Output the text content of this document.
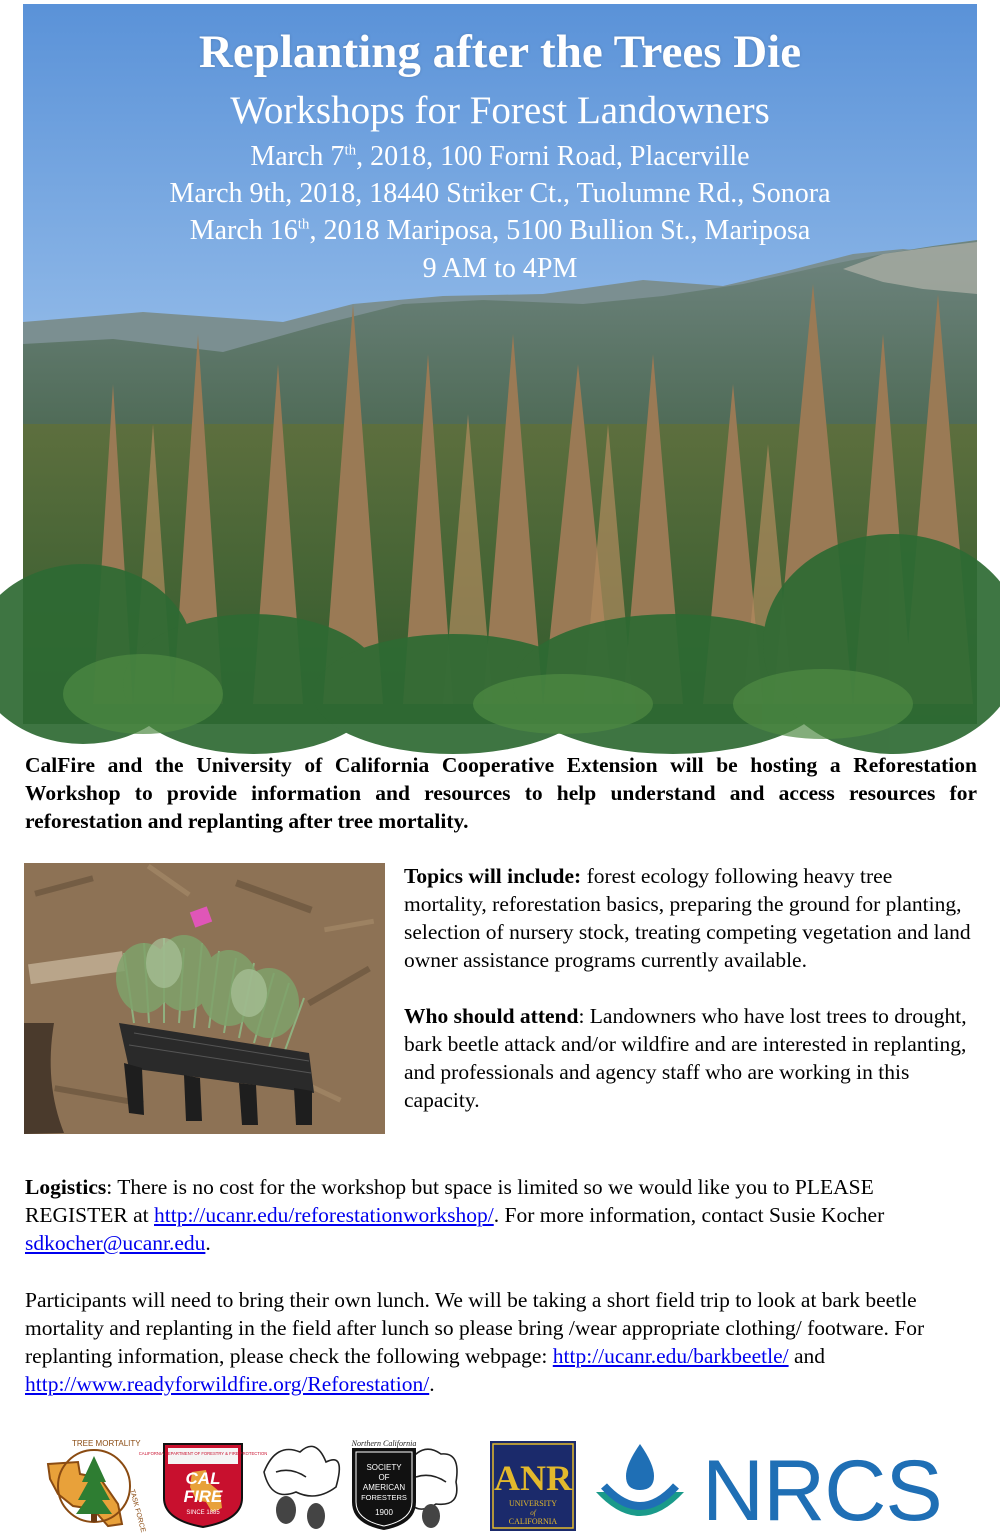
Replanting after the Trees Die
Workshops for Forest Landowners
March 7th, 2018, 100 Forni Road, Placerville
March 9th, 2018, 18440 Striker Ct., Tuolumne Rd., Sonora
March 16th, 2018 Mariposa, 5100 Bullion St., Mariposa
9 AM to 4PM
CalFire and the University of California Cooperative Extension will be hosting a Reforestation Workshop to provide information and resources to help understand and access resources for reforestation and replanting after tree mortality.

Topics will include: forest ecology following heavy tree mortality, reforestation basics, preparing the ground for planting, selection of nursery stock, treating competing vegetation and land owner assistance programs currently available.

Who should attend: Landowners who have lost trees to drought, bark beetle attack and/or wildfire and are interested in replanting, and professionals and agency staff who are working in this capacity.

Logistics: There is no cost for the workshop but space is limited so we would like you to PLEASE REGISTER at http://ucanr.edu/reforestationworkshop/. For more information, contact Susie Kocher sdkocher@ucanr.edu.

Participants will need to bring their own lunch. We will be taking a short field trip to look at bark beetle mortality and replanting in the field after lunch so please bring /wear appropriate clothing/ footware. For replanting information, please check the following webpage: http://ucanr.edu/barkbeetle/ and http://www.readyforwildfire.org/Reforestation/.

TREE MORTALITY
TASK FORCE
CALIFORNIA DEPARTMENT OF FORESTRY & FIRE PROTECTION
CAL
FIRE
SINCE 1885
Northern California
SOCIETY
OF
AMERICAN
FORESTERS
1900
ANR
UNIVERSITY
of
CALIFORNIA NRCS
